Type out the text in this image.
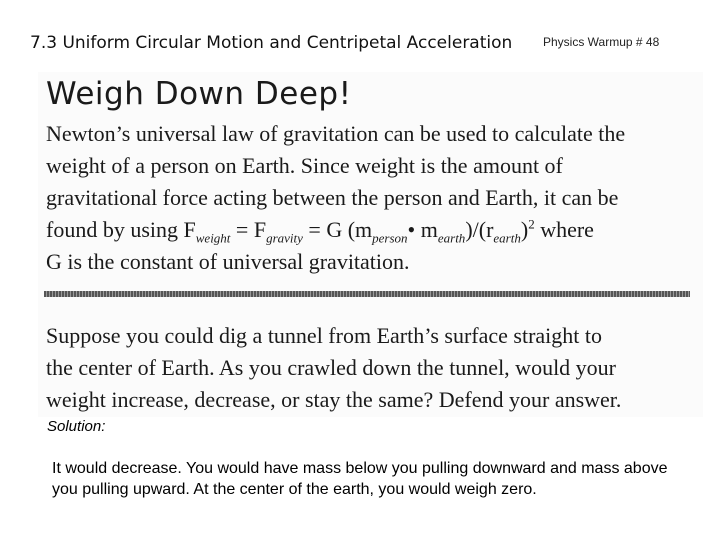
7.3 Uniform Circular Motion and Centripetal Acceleration	Physics Warmup # 48
Weigh Down Deep!
Newton’s universal law of gravitation can be used to calculate the
weight of a person on Earth. Since weight is the amount of
gravitational force acting between the person and Earth, it can be
found by using $F_{weight} = F_{gravity} = G$ ($m_{person}•$ $m_{earth})/(r_{earth})^2$ where
G is the constant of universal gravitation.
Suppose you could dig a tunnel from Earth’s surface straight to
the center of Earth. As you crawled down the tunnel, would your
weight increase, decrease, or stay the same? Defend your answer.
Solution:
It would decrease. You would have mass below you pulling downward and mass above you pulling upward. At the center of the earth, you would weigh zero.
